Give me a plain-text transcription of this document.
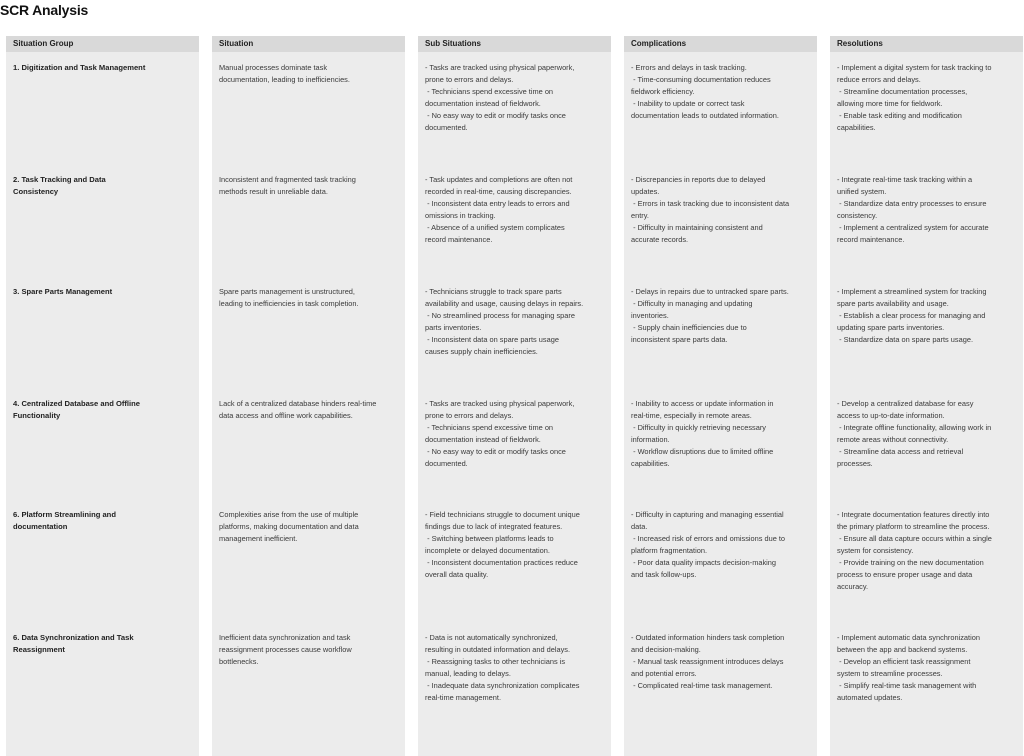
SCR Analysis
Situation Group
1. Digitization and Task Management
2. Task Tracking and Data
Consistency
3. Spare Parts Management
4. Centralized Database and Offline
Functionality
6. Platform Streamlining and
documentation
6. Data Synchronization and Task
Reassignment
Situation
Manual processes dominate task
documentation, leading to inefficiencies.
Inconsistent and fragmented task tracking
methods result in unreliable data.
Spare parts management is unstructured,
leading to inefficiencies in task completion.
Lack of a centralized database hinders real-time
data access and offline work capabilities.
Complexities arise from the use of multiple
platforms, making documentation and data
management inefficient.
Inefficient data synchronization and task
reassignment processes cause workflow
bottlenecks.
Sub Situations
- Tasks are tracked using physical paperwork,
prone to errors and delays.
- Technicians spend excessive time on
documentation instead of fieldwork.
- No easy way to edit or modify tasks once
documented.
- Task updates and completions are often not
recorded in real-time, causing discrepancies.
- Inconsistent data entry leads to errors and
omissions in tracking.
- Absence of a unified system complicates
record maintenance.
- Technicians struggle to track spare parts
availability and usage, causing delays in repairs.
- No streamlined process for managing spare
parts inventories.
- Inconsistent data on spare parts usage
causes supply chain inefficiencies.
- Tasks are tracked using physical paperwork,
prone to errors and delays.
- Technicians spend excessive time on
documentation instead of fieldwork.
- No easy way to edit or modify tasks once
documented.
- Field technicians struggle to document unique
findings due to lack of integrated features.
- Switching between platforms leads to
incomplete or delayed documentation.
- Inconsistent documentation practices reduce
overall data quality.
- Data is not automatically synchronized,
resulting in outdated information and delays.
- Reassigning tasks to other technicians is
manual, leading to delays.
- Inadequate data synchronization complicates
real-time management.
Complications
- Errors and delays in task tracking.
- Time-consuming documentation reduces
fieldwork efficiency.
- Inability to update or correct task
documentation leads to outdated information.
- Discrepancies in reports due to delayed
updates.
- Errors in task tracking due to inconsistent data
entry.
- Difficulty in maintaining consistent and
accurate records.
- Delays in repairs due to untracked spare parts.
- Difficulty in managing and updating
inventories.
- Supply chain inefficiencies due to
inconsistent spare parts data.
- Inability to access or update information in
real-time, especially in remote areas.
- Difficulty in quickly retrieving necessary
information.
- Workflow disruptions due to limited offline
capabilities.
- Difficulty in capturing and managing essential
data.
- Increased risk of errors and omissions due to
platform fragmentation.
- Poor data quality impacts decision-making
and task follow-ups.
- Outdated information hinders task completion
and decision-making.
- Manual task reassignment introduces delays
and potential errors.
- Complicated real-time task management.
Resolutions
- Implement a digital system for task tracking to
reduce errors and delays.
- Streamline documentation processes,
allowing more time for fieldwork.
- Enable task editing and modification
capabilities.
- Integrate real-time task tracking within a
unified system.
- Standardize data entry processes to ensure
consistency.
- Implement a centralized system for accurate
record maintenance.
- Implement a streamlined system for tracking
spare parts availability and usage.
- Establish a clear process for managing and
updating spare parts inventories.
- Standardize data on spare parts usage.
- Develop a centralized database for easy
access to up-to-date information.
- Integrate offline functionality, allowing work in
remote areas without connectivity.
- Streamline data access and retrieval
processes.
- Integrate documentation features directly into
the primary platform to streamline the process.
- Ensure all data capture occurs within a single
system for consistency.
- Provide training on the new documentation
process to ensure proper usage and data
accuracy.
- Implement automatic data synchronization
between the app and backend systems.
- Develop an efficient task reassignment
system to streamline processes.
- Simplify real-time task management with
automated updates.
